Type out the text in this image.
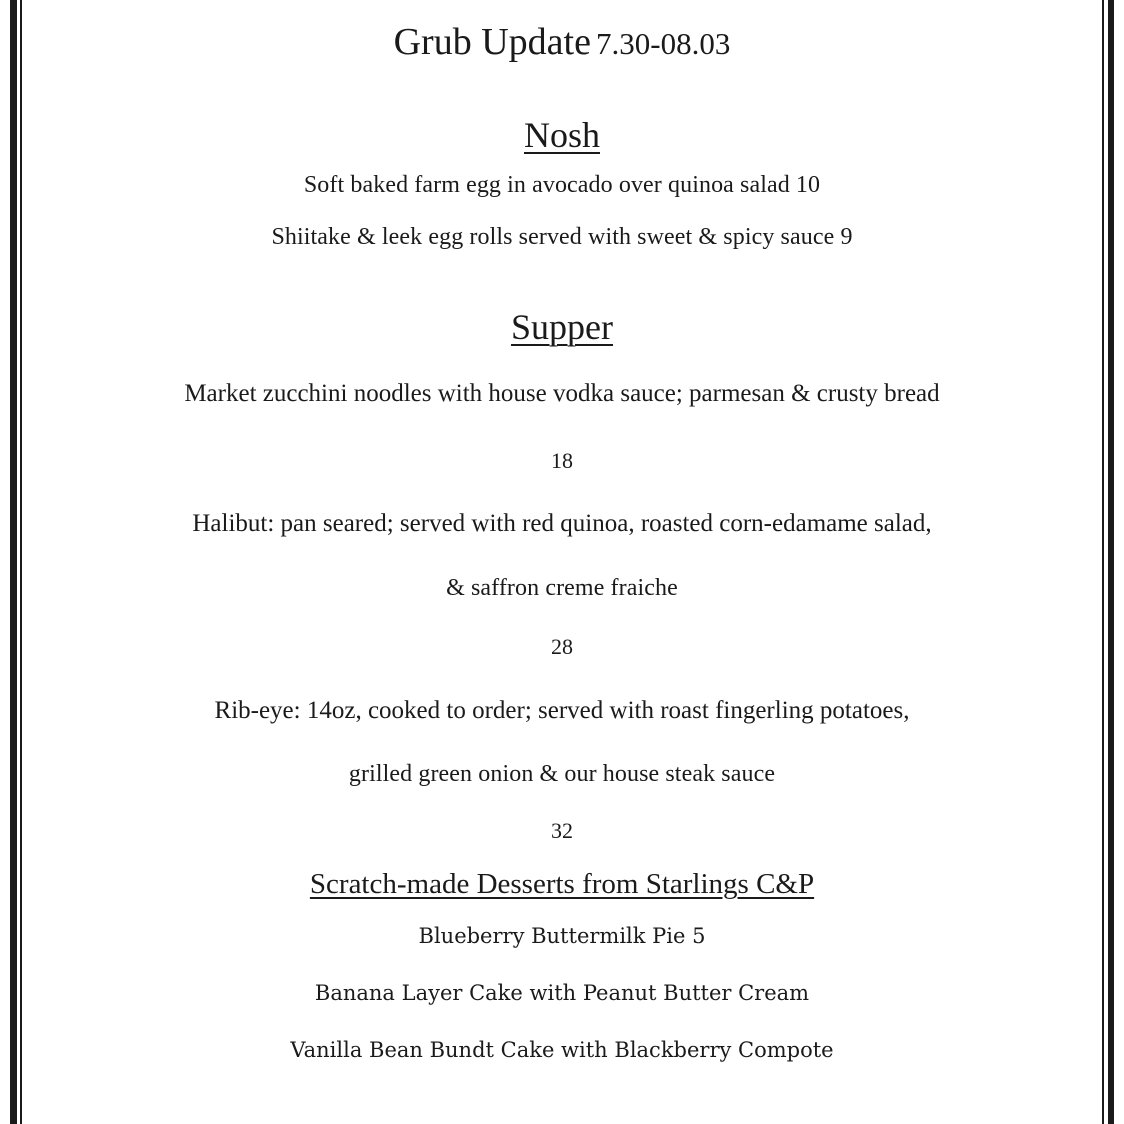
Grub Update 7.30-08.03
Nosh
Soft baked farm egg in avocado over quinoa salad 10
Shiitake & leek egg rolls served with sweet & spicy sauce 9
Supper
Market zucchini noodles with house vodka sauce; parmesan & crusty bread
18
Halibut: pan seared; served with red quinoa, roasted corn-edamame salad,
& saffron creme fraiche
28
Rib-eye: 14oz, cooked to order; served with roast fingerling potatoes,
grilled green onion & our house steak sauce
32
Scratch-made Desserts from Starlings C&P
Blueberry Buttermilk Pie 5
Banana Layer Cake with Peanut Butter Cream
Vanilla Bean Bundt Cake with Blackberry Compote
